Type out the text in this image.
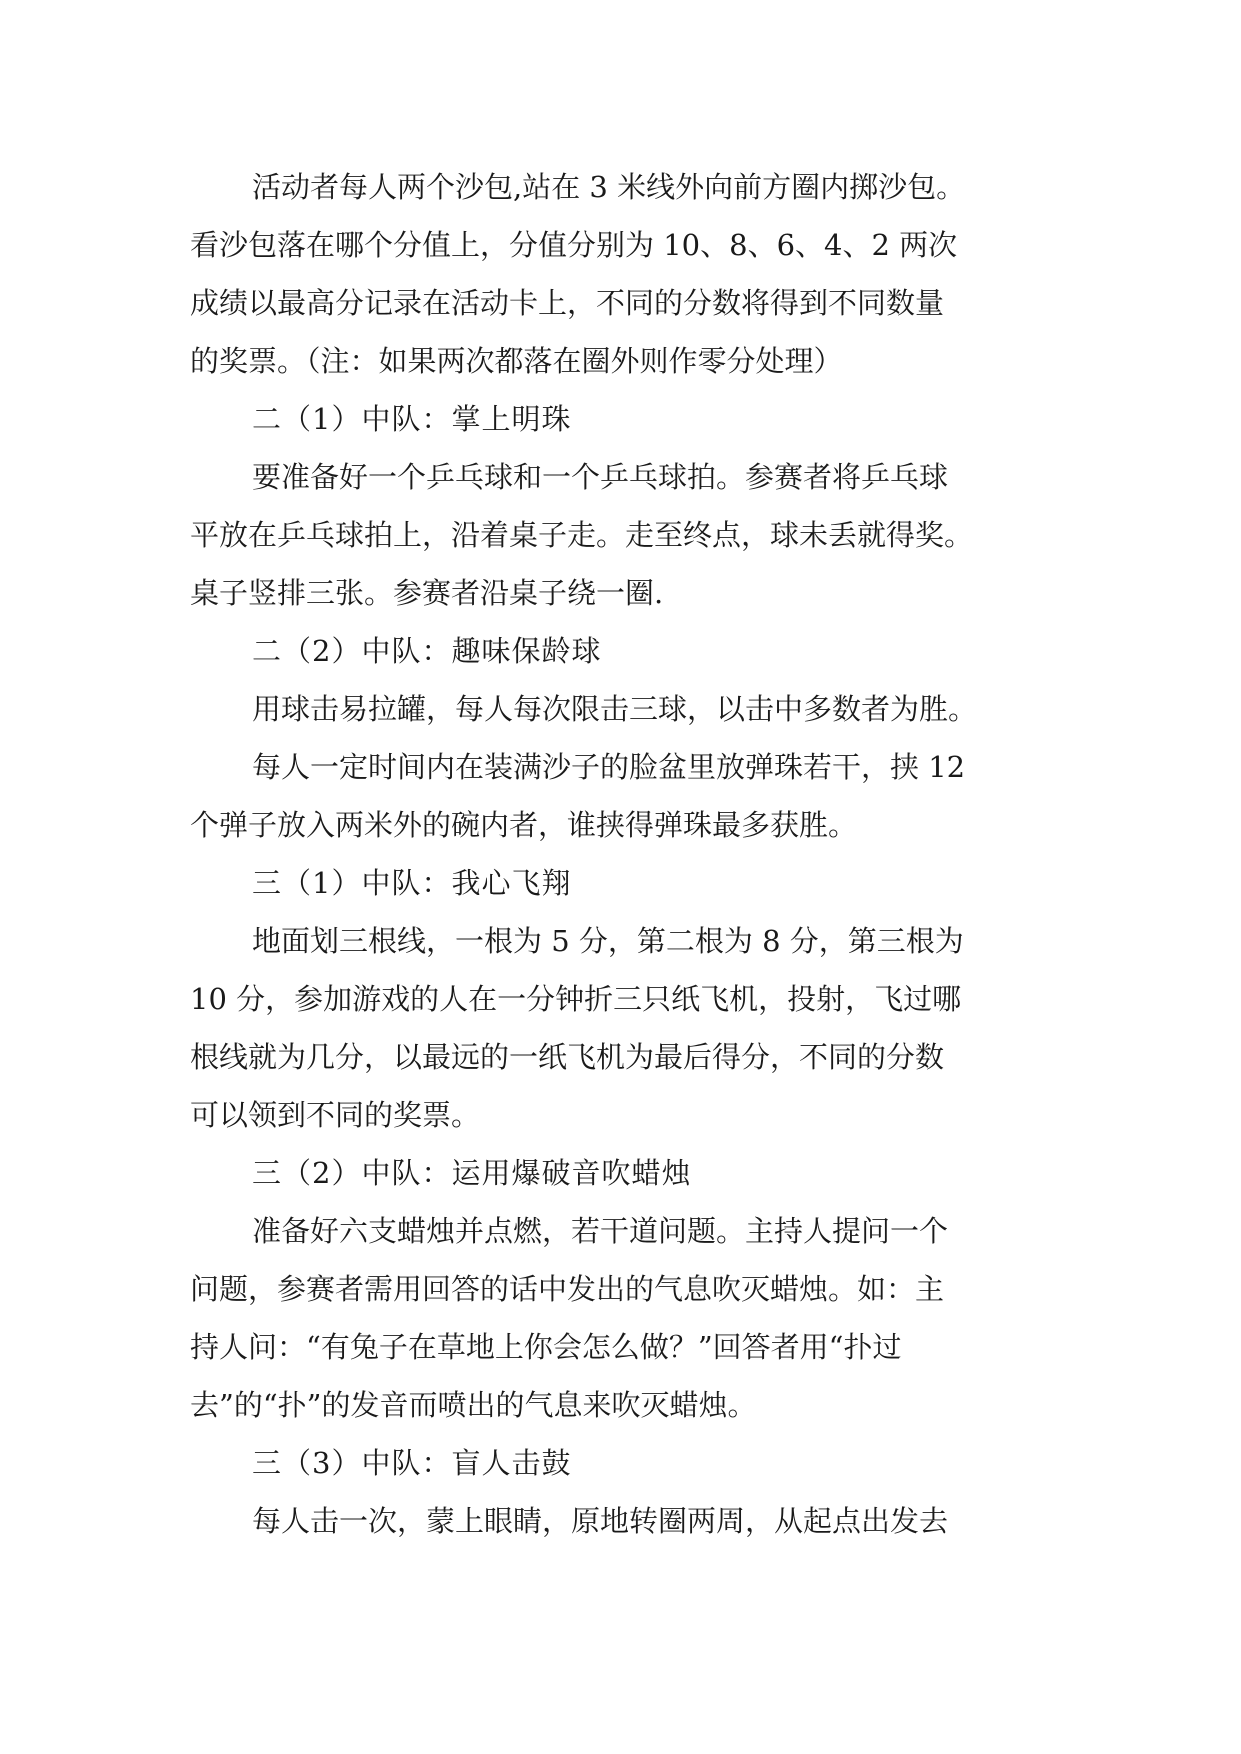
活动者每人两个沙包,站在 3 米线外向前方圈内掷沙包。
看沙包落在哪个分值上，分值分别为 10、8、6、4、2 两次
成绩以最高分记录在活动卡上，不同的分数将得到不同数量
的奖票。（注：如果两次都落在圈外则作零分处理）
二（1）中队：掌上明珠
要准备好一个乒乓球和一个乒乓球拍。参赛者将乒乓球
平放在乒乓球拍上，沿着桌子走。走至终点，球未丢就得奖。
桌子竖排三张。参赛者沿桌子绕一圈.
二（2）中队：趣味保龄球
用球击易拉罐，每人每次限击三球，以击中多数者为胜。
每人一定时间内在装满沙子的脸盆里放弹珠若干，挟 12
个弹子放入两米外的碗内者，谁挟得弹珠最多获胜。
三（1）中队：我心飞翔
地面划三根线，一根为 5 分，第二根为 8 分，第三根为
10 分，参加游戏的人在一分钟折三只纸飞机，投射，飞过哪
根线就为几分，以最远的一纸飞机为最后得分，不同的分数
可以领到不同的奖票。
三（2）中队：运用爆破音吹蜡烛
准备好六支蜡烛并点燃，若干道问题。主持人提问一个
问题，参赛者需用回答的话中发出的气息吹灭蜡烛。如：主
持人问：“有兔子在草地上你会怎么做？”回答者用“扑过
去”的“扑”的发音而喷出的气息来吹灭蜡烛。
三（3）中队：盲人击鼓
每人击一次，蒙上眼睛，原地转圈两周，从起点出发去
